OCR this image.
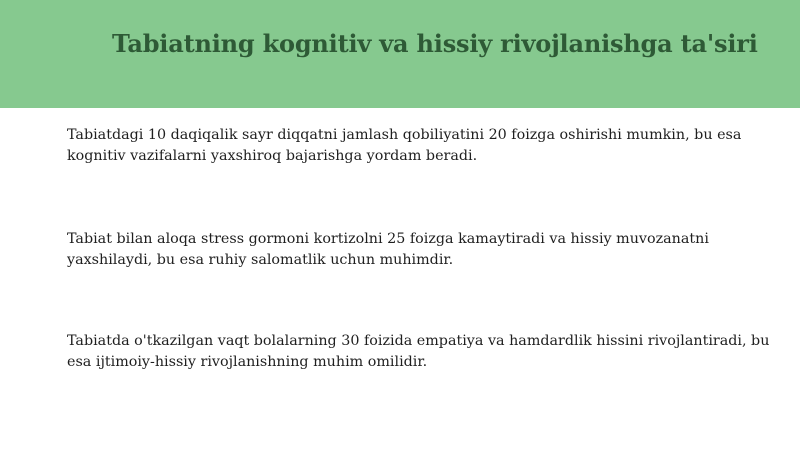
Tabiatning kognitiv va hissiy rivojlanishga ta'siri

Tabiatdagi 10 daqiqalik sayr diqqatni jamlash qobiliyatini 20 foizga oshirishi mumkin, bu esa kognitiv vazifalarni yaxshiroq bajarishga yordam beradi.

Tabiat bilan aloqa stress gormoni kortizolni 25 foizga kamaytiradi va hissiy muvozanatni yaxshilaydi, bu esa ruhiy salomatlik uchun muhimdir.

Tabiatda o'tkazilgan vaqt bolalarning 30 foizida empatiya va hamdardlik hissini rivojlantiradi, bu esa ijtimoiy-hissiy rivojlanishning muhim omilidir.
